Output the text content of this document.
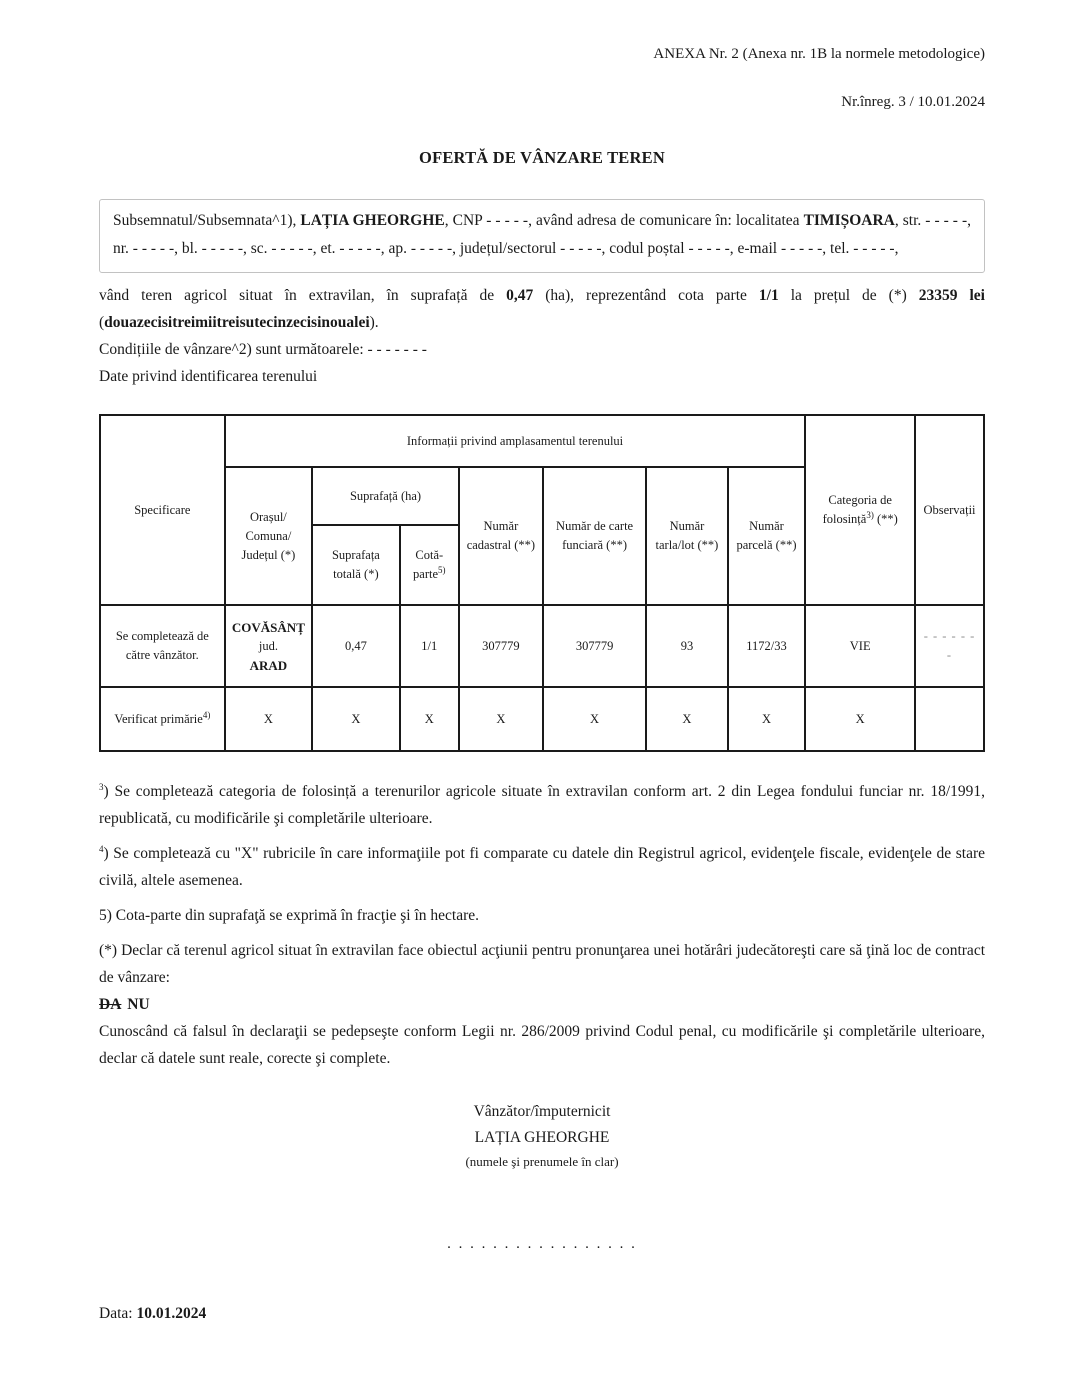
ANEXA Nr. 2 (Anexa nr. 1B la normele metodologice)
Nr.înreg. 3 / 10.01.2024
OFERTĂ DE VÂNZARE TEREN
Subsemnatul/Subsemnata^1), LAȚIA GHEORGHE, CNP - - - - -, având adresa de comunicare în: localitatea TIMIȘOARA, str. - - - - -, nr. - - - - -, bl. - - - - -, sc. - - - - -, et. - - - - -, ap. - - - - -, județul/sectorul - - - - -, codul poștal - - - - -, e-mail - - - - -, tel. - - - - -,

vând teren agricol situat în extravilan, în suprafață de 0,47 (ha), reprezentând cota parte 1/1 la prețul de (*) 23359 lei (douazecisitreimiitreisutecinzecisinoualei).

Condițiile de vânzare^2) sunt următoarele: - - - - - - -

Date privind identificarea terenului

Specificare	Informații privind amplasamentul terenului							Categoria de folosință$^{3)}$ (**)	Observații
	Orașul/ Comuna/ Județul (*)	Suprafață (ha)		Număr cadastral (**)	Număr de carte funciară (**)	Număr tarla/lot (**)	Număr parcelă (**)		
		Suprafața totală (*)	Cotă-parte$^{5)}$
Se completează de către vânzător.	COVĂSÂNȚ
jud.
ARAD	0,47	1/1	307779	307779	93	1172/33	VIE	- - - - - - -
Verificat primărie$^{4)}$	X	X	X	X	X	X	X	X	

$^3$) Se completează categoria de folosință a terenurilor agricole situate în extravilan conform art. 2 din Legea fondului funciar nr. 18/1991, republicată, cu modificările şi completările ulterioare.

$^4$) Se completează cu "X" rubricile în care informaţiile pot fi comparate cu datele din Registrul agricol, evidenţele fiscale, evidenţele de stare civilă, altele asemenea.

5) Cota-parte din suprafaţă se exprimă în fracţie şi în hectare.

(*) Declar că terenul agricol situat în extravilan face obiectul acţiunii pentru pronunţarea unei hotărâri judecătoreşti care să ţină loc de contract de vânzare:

DA NU

Cunoscând că falsul în declaraţii se pedepseşte conform Legii nr. 286/2009 privind Codul penal, cu modificările şi completările ulterioare, declar că datele sunt reale, corecte şi complete.

Vânzător/împuternicit
LAȚIA GHEORGHE
(numele şi prenumele în clar)
. . . . . . . . . . . . . . . . .
Data: 10.01.2024
